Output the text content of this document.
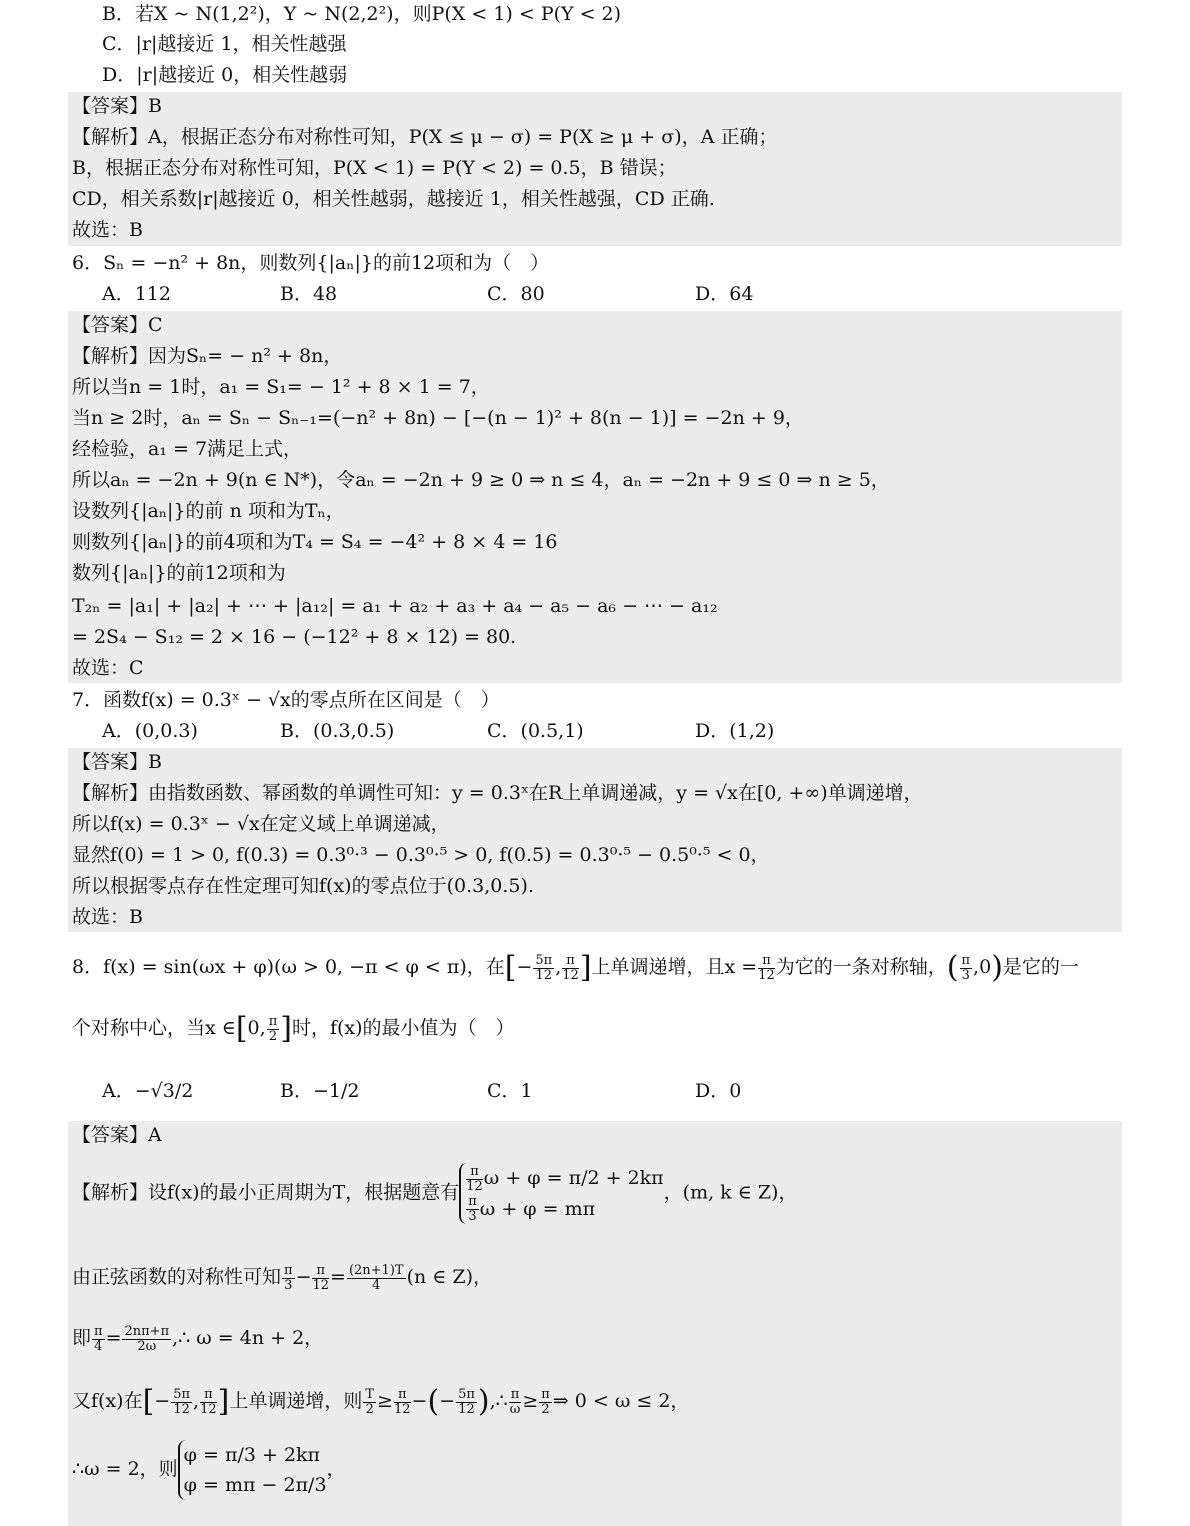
B．若X ~ N(1,2²)，Y ~ N(2,2²)，则P(X < 1) < P(Y < 2)
C．|r|越接近 1，相关性越强
D．|r|越接近 0，相关性越弱
【答案】B
【解析】A，根据正态分布对称性可知，P(X ≤ μ − σ) = P(X ≥ μ + σ)，A 正确；
B，根据正态分布对称性可知，P(X < 1) = P(Y < 2) = 0.5，B 错误；
CD，相关系数|r|越接近 0，相关性越弱，越接近 1，相关性越强，CD 正确.
故选：B
6．Sₙ = −n² + 8n，则数列{|aₙ|}的前12项和为（　）
A．112	B．48	C．80	D．64
【答案】C
【解析】因为Sₙ= − n² + 8n，
所以当n = 1时，a₁ = S₁= − 1² + 8 × 1 = 7，
当n ≥ 2时，aₙ = Sₙ − Sₙ₋₁=(−n² + 8n) − [−(n − 1)² + 8(n − 1)] = −2n + 9，
经检验，a₁ = 7满足上式，
所以aₙ = −2n + 9(n ∈ N*)，令aₙ = −2n + 9 ≥ 0 ⇒ n ≤ 4，aₙ = −2n + 9 ≤ 0 ⇒ n ≥ 5，
设数列{|aₙ|}的前 n 项和为Tₙ，
则数列{|aₙ|}的前4项和为T₄ = S₄ = −4² + 8 × 4 = 16
数列{|aₙ|}的前12项和为
T₂ₙ = |a₁| + |a₂| + ⋯ + |a₁₂| = a₁ + a₂ + a₃ + a₄ − a₅ − a₆ − ⋯ − a₁₂
= 2S₄ − S₁₂ = 2 × 16 − (−12² + 8 × 12) = 80.
故选：C
7．函数f(x) = 0.3ˣ − √x的零点所在区间是（　）
A．(0,0.3)	B．(0.3,0.5)	C．(0.5,1)	D．(1,2)
【答案】B
【解析】由指数函数、幂函数的单调性可知：y = 0.3ˣ在R上单调递减，y = √x在[0, +∞)单调递增，
所以f(x) = 0.3ˣ − √x在定义域上单调递减，
显然f(0) = 1 > 0, f(0.3) = 0.3⁰·³ − 0.3⁰·⁵ > 0, f(0.5) = 0.3⁰·⁵ − 0.5⁰·⁵ < 0，
所以根据零点存在性定理可知f(x)的零点位于(0.3,0.5).
故选：B
8．f(x) = sin(ωx + φ)(ω > 0, −π < φ < π)，在[− $\frac{5\pi}{12}$ , $\frac{\pi}{12}$ ]上单调递增，且$x = \frac{\pi}{12}$ 为它的一条对称轴，( $\frac{\pi}{3} ,0$)是它的一
个对称中心，当x ∈[0, $\frac{\pi}{2}$ ]时，f(x)的最小值为（　）
A．−√3/2	B．−1/2	C．1	D．0
【答案】A
【解析】设f(x)的最小正周期为T，根据题意有 $\frac{\pi}{12}$ ω + φ = π/2 + 2kπ
$\frac{\pi}{3}$ ω + φ = mπ
，(m, k ∈ Z)，
由正弦函数的对称性可知 $\frac{\pi}{3} - \frac{\pi}{12} = \frac{(2n+1)T}{4} (n$ ∈ Z)，
即 $\frac{\pi}{4} = \frac{2n\pi+\pi}{2\omega}$ ,∴ ω = 4n + 2，
又f(x)在[− $\frac{5\pi}{12}$ , $\frac{\pi}{12}$ ]上单调递增，则 $\frac{T}{2} \ge \frac{\pi}{12}$ −(− $\frac{5\pi}{12}$ ),∴ $\frac{\pi}{\omega} \ge \frac{\pi}{2}$ ⇒ 0 < ω ≤ 2，
∴ω = 2，则
φ = π/3 + 2kπ
φ = mπ − 2π/3
，
